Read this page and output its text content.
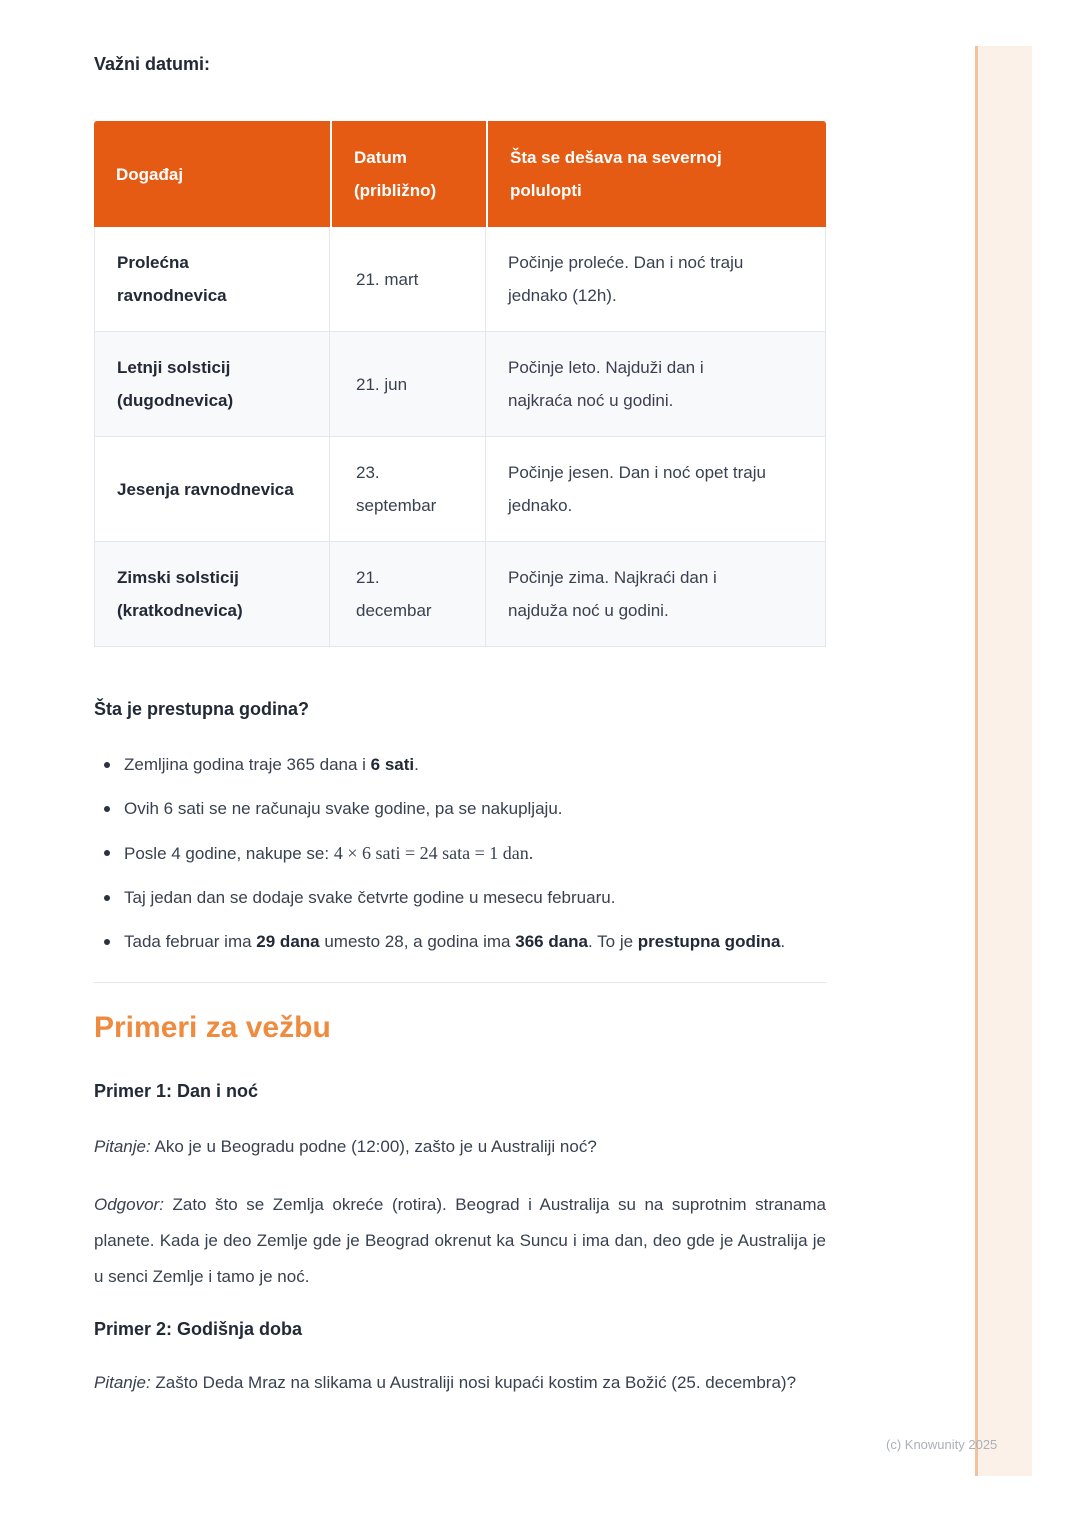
Važni datumi:
Događaj	Datum (približno)	Šta se dešava na severnoj polulopti

Prolećna ravnodnevica	21. mart	Počinje proleće. Dan i noć traju jednako (12h).

Letnji solsticij (dugodnevica)	21. jun	Počinje leto. Najduži dan i najkraća noć u godini.

Jesenja ravnodnevica	23. septembar	Počinje jesen. Dan i noć opet traju jednako.

Zimski solsticij (kratkodnevica)	21. decembar	Počinje zima. Najkraći dan i najduža noć u godini.
Šta je prestupna godina?
Zemljina godina traje 365 dana i 6 sati.
Ovih 6 sati se ne računaju svake godine, pa se nakupljaju.
Posle 4 godine, nakupe se: 4 × 6 sati = 24 sata = 1 dan.
Taj jedan dan se dodaje svake četvrte godine u mesecu februaru.
Tada februar ima 29 dana umesto 28, a godina ima 366 dana. To je prestupna godina.
Primeri za vežbu
Primer 1: Dan i noć

Pitanje: Ako je u Beogradu podne (12:00), zašto je u Australiji noć?

Odgovor: Zato što se Zemlja okreće (rotira). Beograd i Australija su na suprotnim stranama planete. Kada je deo Zemlje gde je Beograd okrenut ka Suncu i ima dan, deo gde je Australija je u senci Zemlje i tamo je noć.

Primer 2: Godišnja doba

Pitanje: Zašto Deda Mraz na slikama u Australiji nosi kupaći kostim za Božić (25. decembra)?

(c) Knowunity 2025
